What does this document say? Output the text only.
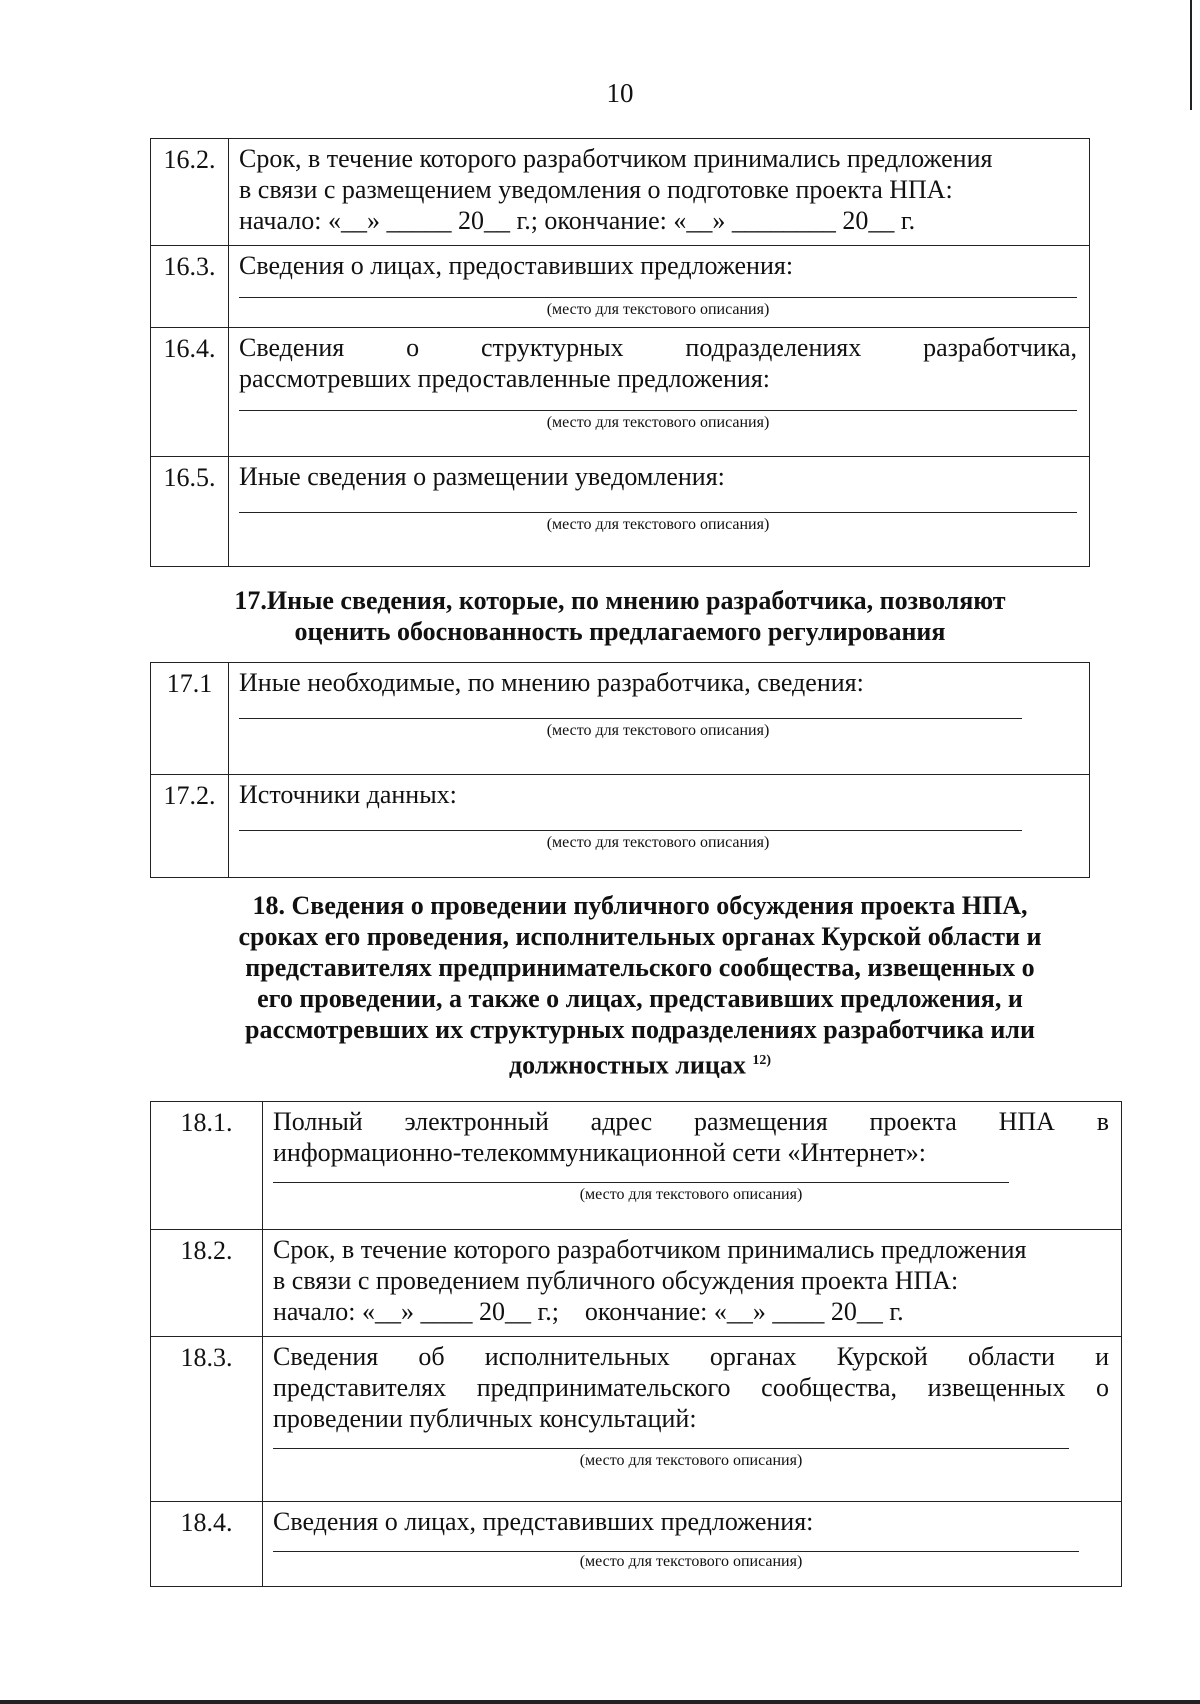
10
16.2.	Срок, в течение которого разработчиком принимались предложения
в связи с размещением уведомления о подготовке проекта НПА:
начало: «__» _____ 20__ г.; окончание: «__» ________ 20__ г.

16.3.	Сведения о лицах, предоставивших предложения:
(место для текстового описания)

16.4.	Сведения о структурных подразделениях разработчика,
рассмотревших предоставленные предложения:
(место для текстового описания)

16.5.	Иные сведения о размещении уведомления:
(место для текстового описания)
17.Иные сведения, которые, по мнению разработчика, позволяют
оценить обоснованность предлагаемого регулирования
17.1	Иные необходимые, по мнению разработчика, сведения:
(место для текстового описания)

17.2.	Источники данных:
(место для текстового описания)
18. Сведения о проведении публичного обсуждения проекта НПА,
сроках его проведения, исполнительных органах Курской области и
представителях предпринимательского сообщества, извещенных о
его проведении, а также о лицах, представивших предложения, и
рассмотревших их структурных подразделениях разработчика или
должностных лицах $^{12)}$
18.1.	Полный электронный адрес размещения проекта НПА в
информационно-телекоммуникационной сети «Интернет»:
(место для текстового описания)

18.2.	Срок, в течение которого разработчиком принимались предложения
в связи с проведением публичного обсуждения проекта НПА:
начало: «__» ____ 20__ г.;    окончание: «__» ____ 20__ г.

18.3.	Сведения об исполнительных органах Курской области и
представителях предпринимательского сообщества, извещенных о
проведении публичных консультаций:
(место для текстового описания)

18.4.	Сведения о лицах, представивших предложения:
(место для текстового описания)
